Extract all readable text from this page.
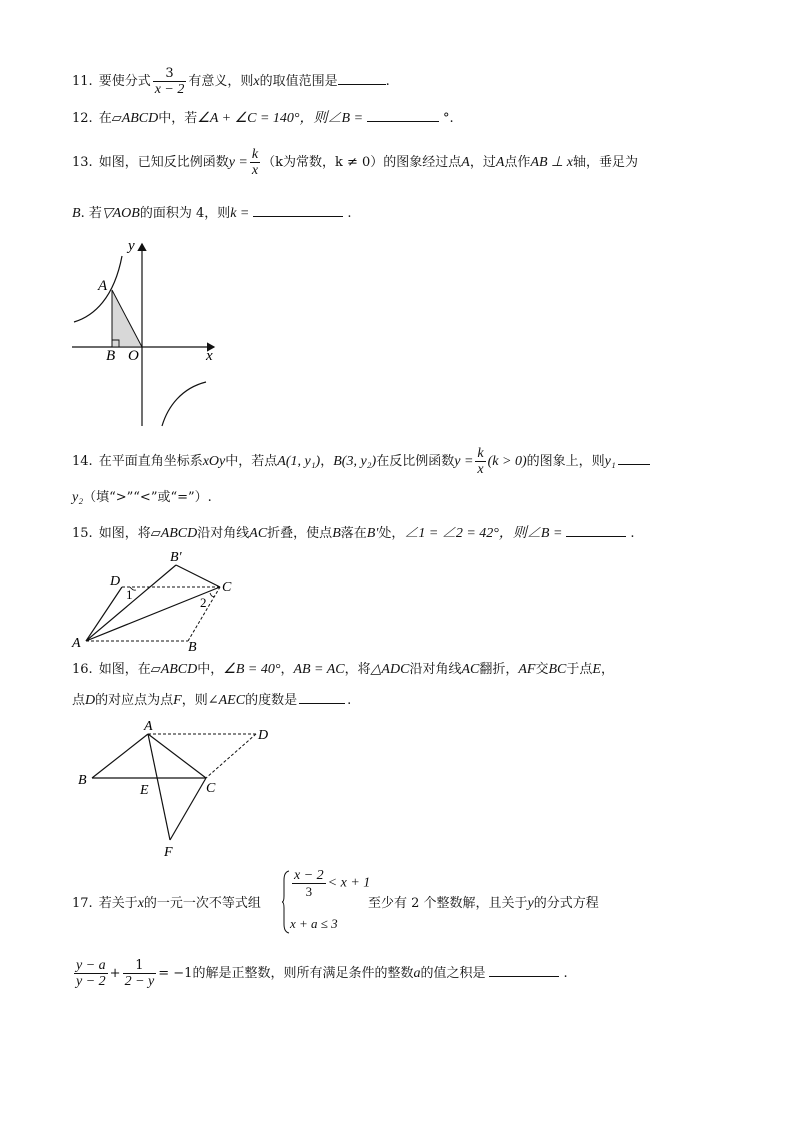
11. 要使分式 $\frac{3}{x - 2}$ 有意义，则x的取值范围是	.
12. 在▱ABCD中，若∠A + ∠C = 140°，则∠B =	°.
13. 如图，已知反比例函数$y = \frac{k}{x} (k$为常数，k ≠ 0）的图象经过点A，过A点作AB ⊥ x轴，垂足为
B. 若▽AOB的面积为 4，则k =	.
y
x
A
B O
14. 在平面直角坐标系xOy中，若点A(1, y₁)，B(3, y₂)在反比例函数$y = \frac{k}{x} (k > 0)$的图象上，则y₁
y₂（填“>”“<”或“=”）.
15. 如图，将▱ABCD沿对角线AC折叠，使点B落在B′处，∠1 = ∠2 = 42°，则∠B =	.
B′
D	C
A	B
1
2
16. 如图，在▱ABCD中，∠B = 40°，AB = AC，将△ADC沿对角线AC翻折，AF交BC于点E，
点D的对应点为点F，则∠AEC的度数是	.
A
D
B
E	C
F
17. 若关于x的一元一次不等式组
$\frac{x - 2}{3} < x + 1$
x + a ≤ 3
至少有 2 个整数解，且关于y的分式方程
$\frac{y - a}{y - 2} + \frac{1}{2 - y} = -1$的解是正整数，则所有满足条件的整数a的值之积是	.
